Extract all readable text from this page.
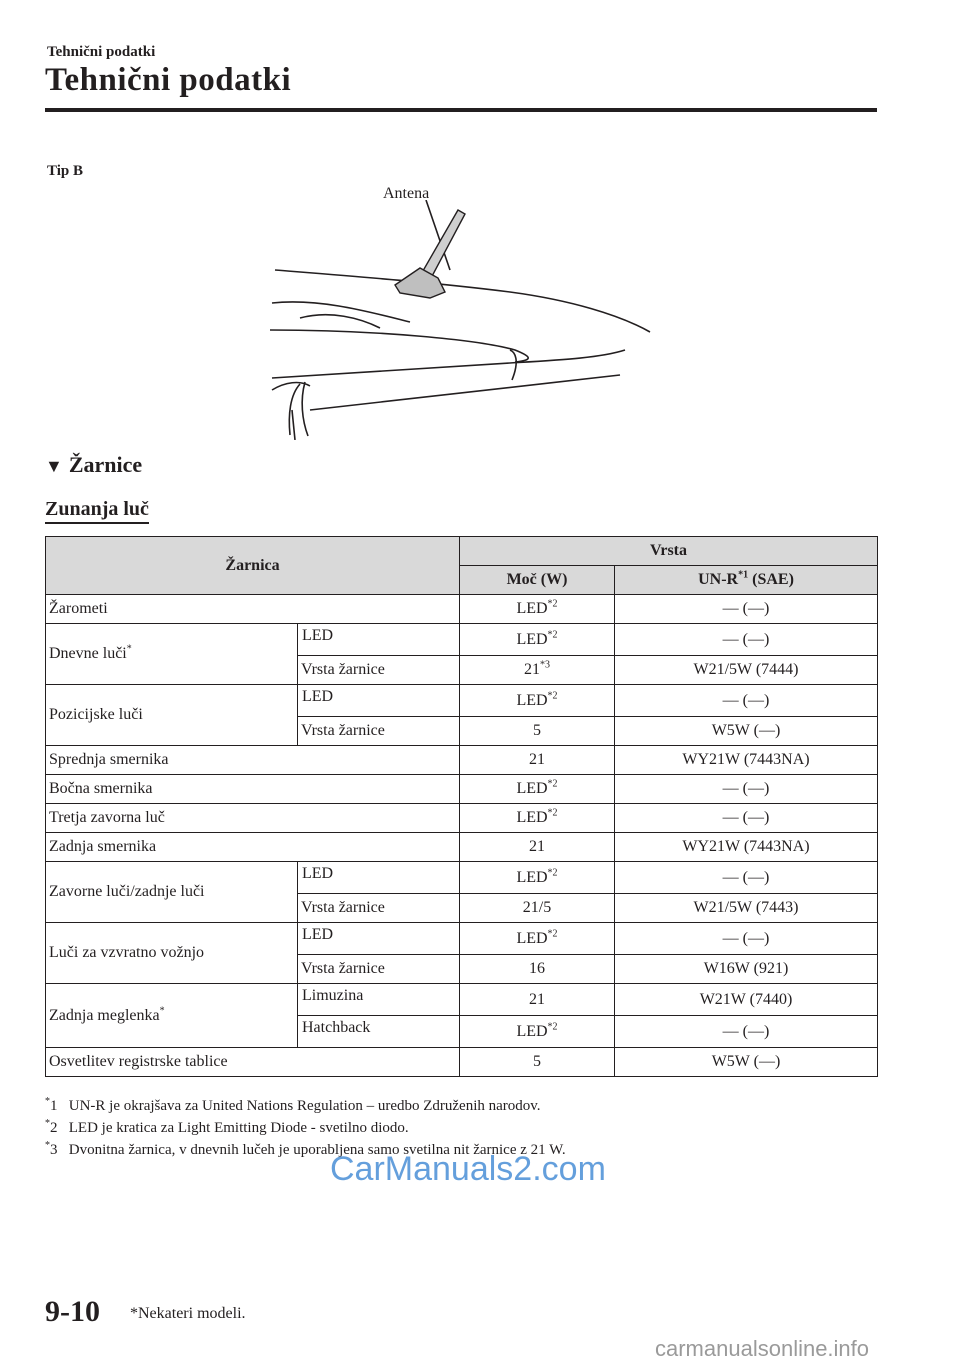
Tehnični podatki
Tehnični podatki
Tip B
Antena
▼ Žarnice
Zunanja luč
Žarnica		Vrsta	
		Moč (W)	$UN-R^{*1}$ (SAE)
Žarometi		LED$^{*2}$	— (—)
Dnevne luči*	LED	LED$^{*2}$	— (—)
	Vrsta žarnice	21$^{*3}$	W21/5W (7444)
Pozicijske luči	LED	LED$^{*2}$	— (—)
	Vrsta žarnice	5	W5W (—)
Sprednja smernika		21	WY21W (7443NA)
Bočna smernika		LED$^{*2}$	— (—)
Tretja zavorna luč		LED$^{*2}$	— (—)
Zadnja smernika		21	WY21W (7443NA)
Zavorne luči/zadnje luči	LED	LED$^{*2}$	— (—)
	Vrsta žarnice	21/5	W21/5W (7443)
Luči za vzvratno vožnjo	LED	LED$^{*2}$	— (—)
	Vrsta žarnice	16	W16W (921)
Zadnja meglenka*	Limuzina	21	W21W (7440)
	Hatchback	LED$^{*2}$	— (—)
Osvetlitev registrske tablice		5	W5W (—)
*1 UN-R je okrajšava za United Nations Regulation – uredbo Združenih narodov.
*2 LED je kratica za Light Emitting Diode - svetilno diodo.
*3 Dvonitna žarnica, v dnevnih lučeh je uporabljena samo svetilna nit žarnice z 21 W.
CarManuals2.com
9-10 *Nekateri modeli.
carmanualsonline.info
